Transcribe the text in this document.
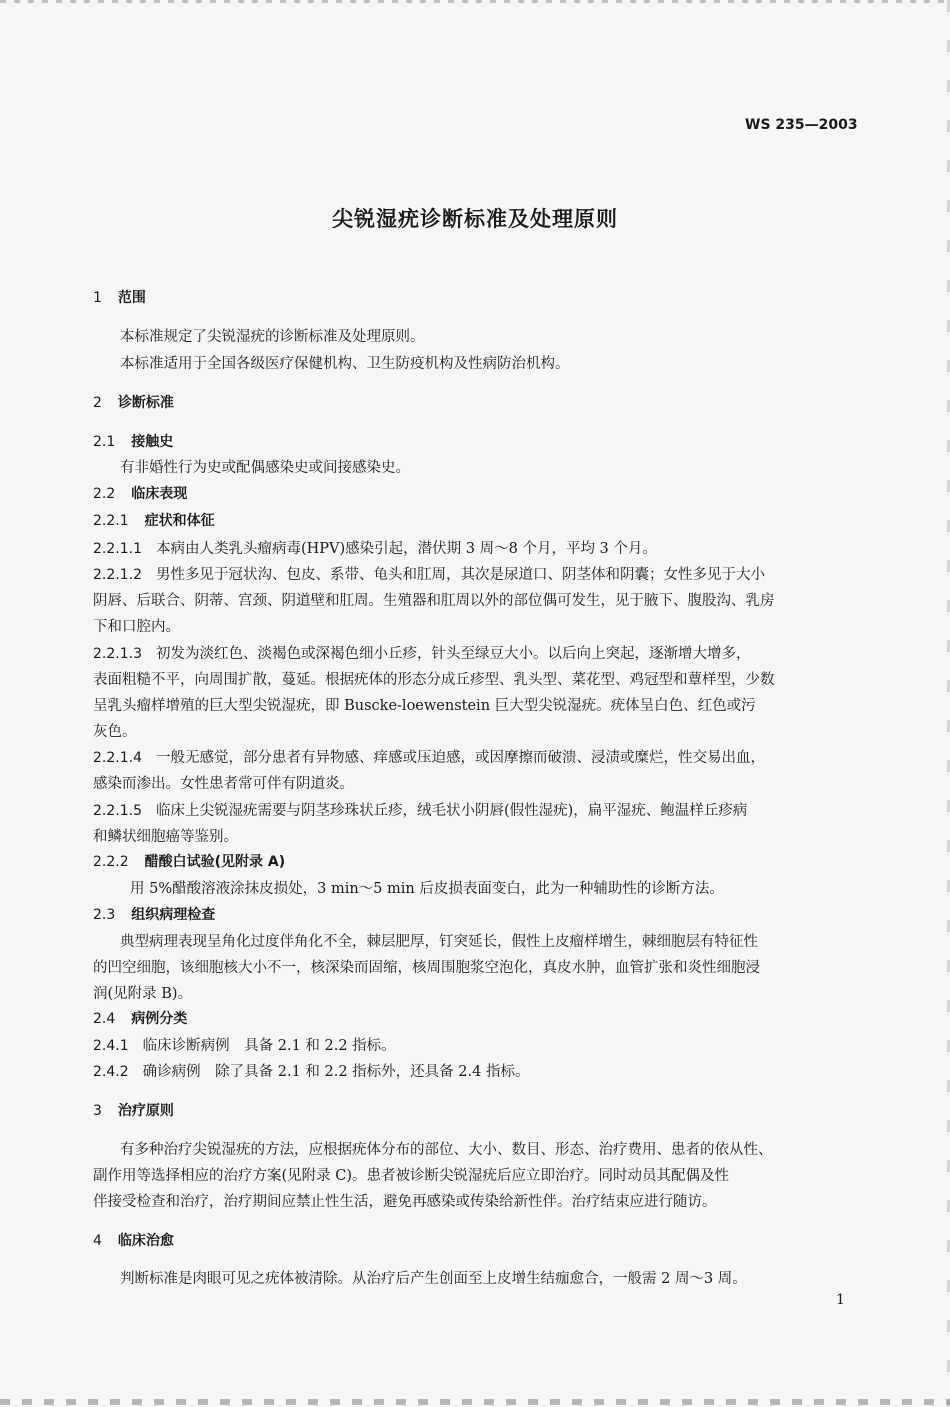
WS 235—2003
尖锐湿疣诊断标准及处理原则
1 范围
本标准规定了尖锐湿疣的诊断标准及处理原则。
本标准适用于全国各级医疗保健机构、卫生防疫机构及性病防治机构。
2 诊断标准
2.1 接触史
有非婚性行为史或配偶感染史或间接感染史。
2.2 临床表现
2.2.1 症状和体征
2.2.1.1 本病由人类乳头瘤病毒(HPV)感染引起，潜伏期 3 周～8 个月，平均 3 个月。
2.2.1.2 男性多见于冠状沟、包皮、系带、龟头和肛周，其次是尿道口、阴茎体和阴囊；女性多见于大小
阴唇、后联合、阴蒂、宫颈、阴道壁和肛周。生殖器和肛周以外的部位偶可发生，见于腋下、腹股沟、乳房
下和口腔内。
2.2.1.3 初发为淡红色、淡褐色或深褐色细小丘疹，针头至绿豆大小。以后向上突起，逐渐增大增多，
表面粗糙不平，向周围扩散，蔓延。根据疣体的形态分成丘疹型、乳头型、菜花型、鸡冠型和蕈样型，少数
呈乳头瘤样增殖的巨大型尖锐湿疣，即 Buscke-loewenstein 巨大型尖锐湿疣。疣体呈白色、红色或污
灰色。
2.2.1.4 一般无感觉，部分患者有异物感、痒感或压迫感，或因摩擦而破溃、浸渍或糜烂，性交易出血，
感染而渗出。女性患者常可伴有阴道炎。
2.2.1.5 临床上尖锐湿疣需要与阴茎珍珠状丘疹，绒毛状小阴唇(假性湿疣)，扁平湿疣、鲍温样丘疹病
和鳞状细胞癌等鉴别。
2.2.2 醋酸白试验(见附录 A)
用 5%醋酸溶液涂抹皮损处，3 min～5 min 后皮损表面变白，此为一种辅助性的诊断方法。
2.3 组织病理检查
典型病理表现呈角化过度伴角化不全，棘层肥厚，钉突延长，假性上皮瘤样增生，棘细胞层有特征性
的凹空细胞，该细胞核大小不一，核深染而固缩，核周围胞浆空泡化，真皮水肿，血管扩张和炎性细胞浸
润(见附录 B)。
2.4 病例分类
2.4.1 临床诊断病例　具备 2.1 和 2.2 指标。
2.4.2 确诊病例　除了具备 2.1 和 2.2 指标外，还具备 2.4 指标。
3 治疗原则
有多种治疗尖锐湿疣的方法，应根据疣体分布的部位、大小、数目、形态、治疗费用、患者的依从性、
副作用等选择相应的治疗方案(见附录 C)。患者被诊断尖锐湿疣后应立即治疗。同时动员其配偶及性
伴接受检查和治疗，治疗期间应禁止性生活，避免再感染或传染给新性伴。治疗结束应进行随访。
4 临床治愈
判断标准是肉眼可见之疣体被清除。从治疗后产生创面至上皮增生结痂愈合，一般需 2 周～3 周。
1
